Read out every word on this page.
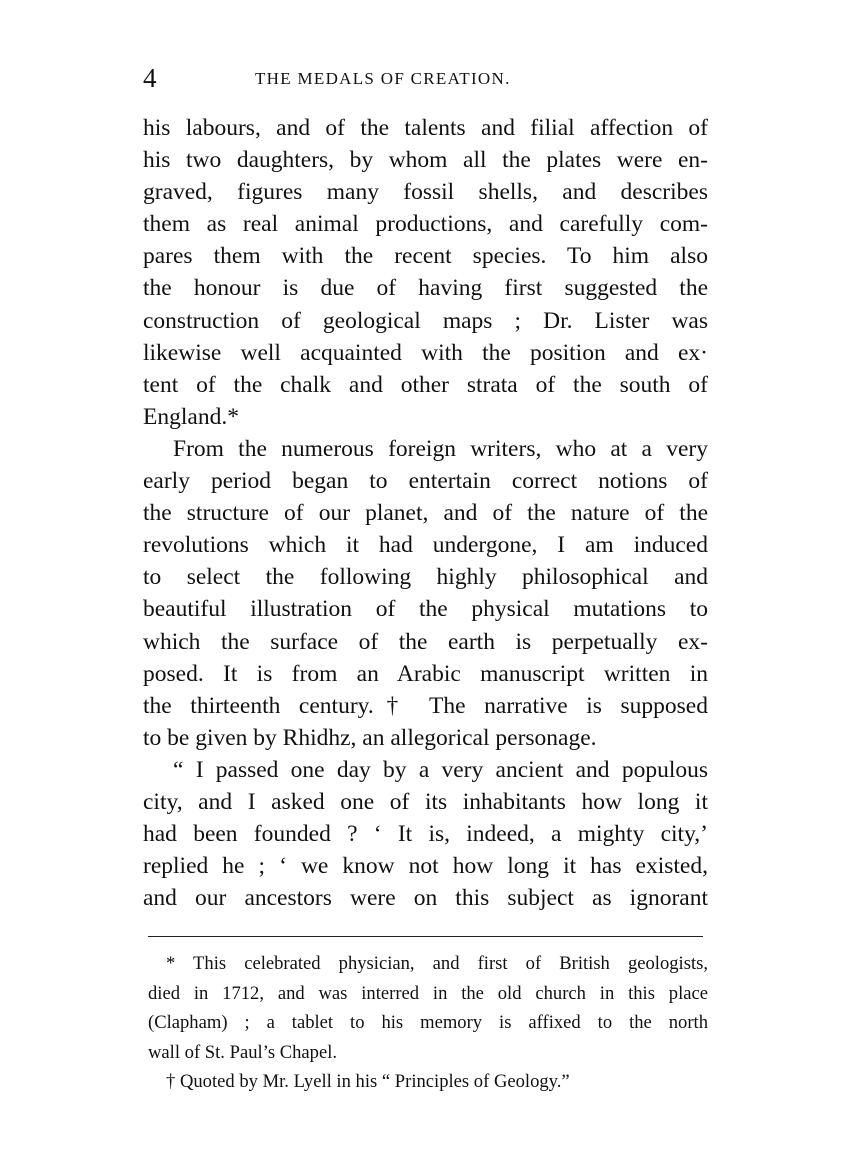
4	THE MEDALS OF CREATION.
his labours, and of the talents and filial affection of
his two daughters, by whom all the plates were en-
graved, figures many fossil shells, and describes
them as real animal productions, and carefully com-
pares them with the recent species. To him also
the honour is due of having first suggested the
construction of geological maps ; Dr. Lister was
likewise well acquainted with the position and ex·
tent of the chalk and other strata of the south of
England.*
From the numerous foreign writers, who at a very
early period began to entertain correct notions of
the structure of our planet, and of the nature of the
revolutions which it had undergone, I am induced
to select the following highly philosophical and
beautiful illustration of the physical mutations to
which the surface of the earth is perpetually ex-
posed. It is from an Arabic manuscript written in
the thirteenth century.† The narrative is supposed
to be given by Rhidhz, an allegorical personage.
“ I passed one day by a very ancient and populous
city, and I asked one of its inhabitants how long it
had been founded ? ‘ It is, indeed, a mighty city,’
replied he ; ‘ we know not how long it has existed,
and our ancestors were on this subject as ignorant
* This celebrated physician, and first of British geologists,
died in 1712, and was interred in the old church in this place
(Clapham) ; a tablet to his memory is affixed to the north
wall of St. Paul’s Chapel.
† Quoted by Mr. Lyell in his “ Principles of Geology.”
